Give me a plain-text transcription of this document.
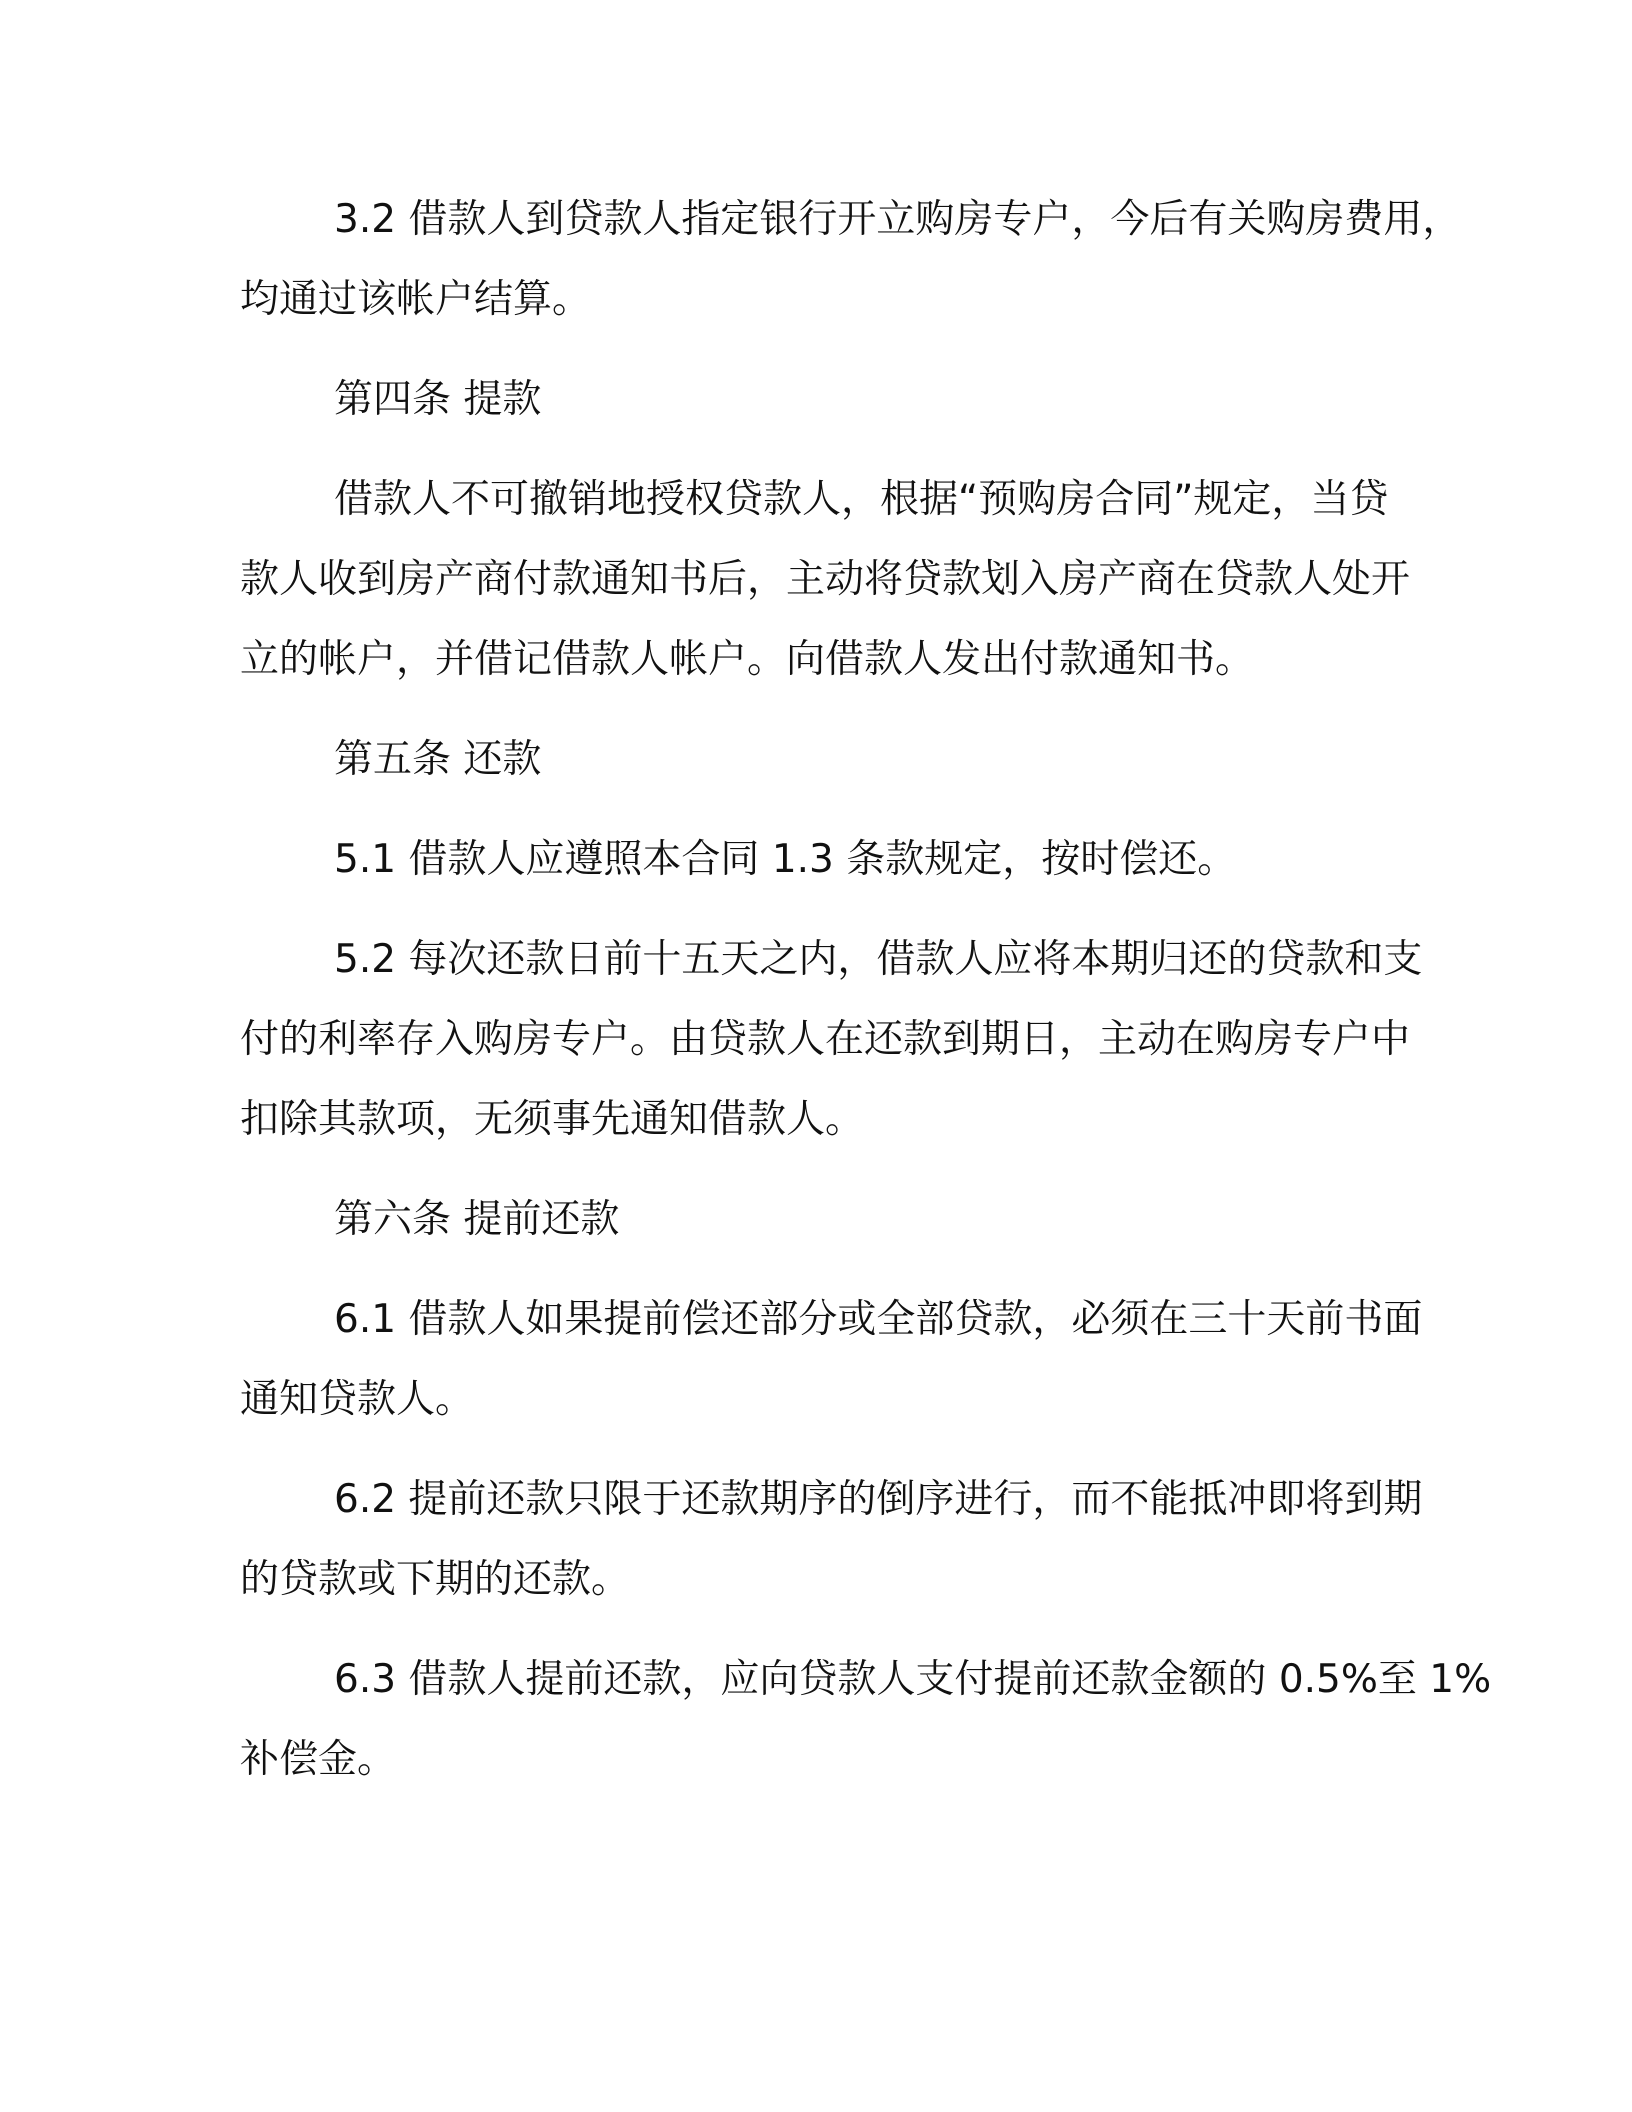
3.2 借款人到贷款人指定银行开立购房专户，今后有关购房费用，
均通过该帐户结算。
第四条 提款
借款人不可撤销地授权贷款人，根据“预购房合同”规定，当贷
款人收到房产商付款通知书后，主动将贷款划入房产商在贷款人处开
立的帐户，并借记借款人帐户。向借款人发出付款通知书。
第五条 还款
5.1 借款人应遵照本合同 1.3 条款规定，按时偿还。
5.2 每次还款日前十五天之内，借款人应将本期归还的贷款和支
付的利率存入购房专户。由贷款人在还款到期日，主动在购房专户中
扣除其款项，无须事先通知借款人。
第六条 提前还款
6.1 借款人如果提前偿还部分或全部贷款，必须在三十天前书面
通知贷款人。
6.2 提前还款只限于还款期序的倒序进行，而不能抵冲即将到期
的贷款或下期的还款。
6.3 借款人提前还款，应向贷款人支付提前还款金额的 0.5%至 1%
补偿金。
